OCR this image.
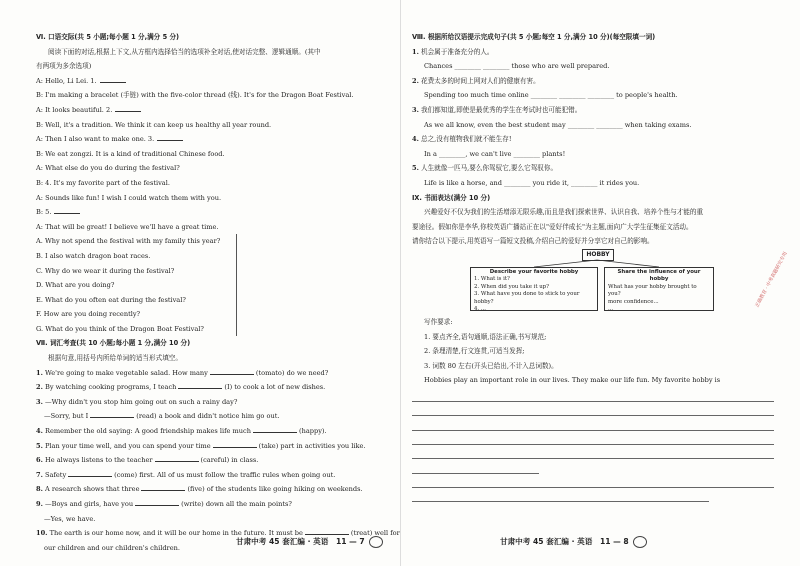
Ⅵ. 口语交际(共 5 小题;每小题 1 分,满分 5 分)
阅读下面的对话,根据上下文,从方框内选择恰当的选项补全对话,使对话完整、逻辑通顺。(其中
有两项为多余选项)
A: Hello, Li Lei. 1.
B: I'm making a bracelet (手链) with the five-color thread (线). It's for the Dragon Boat Festival.
A: It looks beautiful. 2.
B: Well, it's a tradition. We think it can keep us healthy all year round.
A: Then I also want to make one. 3.
B: We eat zongzi. It is a kind of traditional Chinese food.
A: What else do you do during the festival?
B: 4. It's my favorite part of the festival.
A: Sounds like fun! I wish I could watch them with you.
B: 5.
A: That will be great! I believe we'll have a great time.
A. Why not spend the festival with my family this year?
B. I also watch dragon boat races.
C. Why do we wear it during the festival?
D. What are you doing?
E. What do you often eat during the festival?
F. How are you doing recently?
G. What do you think of the Dragon Boat Festival?
Ⅶ. 词汇考查(共 10 小题;每小题 1 分,满分 10 分)
根据句意,用括号内所给单词的适当形式填空。
1. We're going to make vegetable salad. How many	(tomato) do we need?
2. By watching cooking programs, I teach	(I) to cook a lot of new dishes.
3. —Why didn't you stop him going out on such a rainy day?
—Sorry, but I	(read) a book and didn't notice him go out.
4. Remember the old saying: A good friendship makes life much	(happy).
5. Plan your time well, and you can spend your time	(take) part in activities you like.
6. He always listens to the teacher	(careful) in class.
7. Safety	(come) first. All of us must follow the traffic rules when going out.
8. A research shows that three	(five) of the students like going hiking on weekends.
9. —Boys and girls, have you	(write) down all the main points?
—Yes, we have.
10. The earth is our home now, and it will be our home in the future. It must be	(treat) well for
our children and our children's children.
甘肃中考 45 套汇编 · 英语　11 — 7
Ⅷ. 根据所给汉语提示完成句子(共 5 小题;每空 1 分,满分 10 分)(每空限填一词)
1. 机会属于准备充分的人。
Chances ________ ________ those who are well prepared.
2. 花费太多的时间上网对人们的健康有害。
Spending too much time online ________ ________ ________ to people's health.
3. 我们都知道,即使是最优秀的学生在考试时也可能犯错。
As we all know, even the best student may ________ ________ when taking exams.
4. 总之,没有植物我们就不能生存!
In a ________, we can't live ________ plants!
5. 人生就像一匹马,要么你驾驭它,要么它驾驭你。
Life is like a horse, and ________ you ride it, ________ it rides you.
Ⅸ. 书面表达(满分 10 分)
兴趣爱好不仅为我们的生活增添无限乐趣,而且是我们探索世界、认识自我、培养个性与才能的重
要途径。假如你是李华,你校英语广播站正在以"爱好伴成长"为主题,面向广大学生征集征文活动。
请你结合以下提示,用英语写一篇短文投稿,介绍自己的爱好并分享它对自己的影响。
HOBBY
Describe your favorite hobby
1. What is it?
2. When did you take it up?
3. What have you done to stick to your hobby?
4. ...
Share the influence of your hobby
What has your hobby brought to you?
more confidence...
...
写作要求:
1. 要点齐全,语句通顺,语法正确,书写规范;
2. 条理清楚,行文连贯,可适当发挥;
3. 词数 80 左右(开头已给出,不计入总词数)。
Hobbies play an important role in our lives. They make our life fun. My favorite hobby is
正确教育 · 中考真题研究专用
甘肃中考 45 套汇编 · 英语　11 — 8
